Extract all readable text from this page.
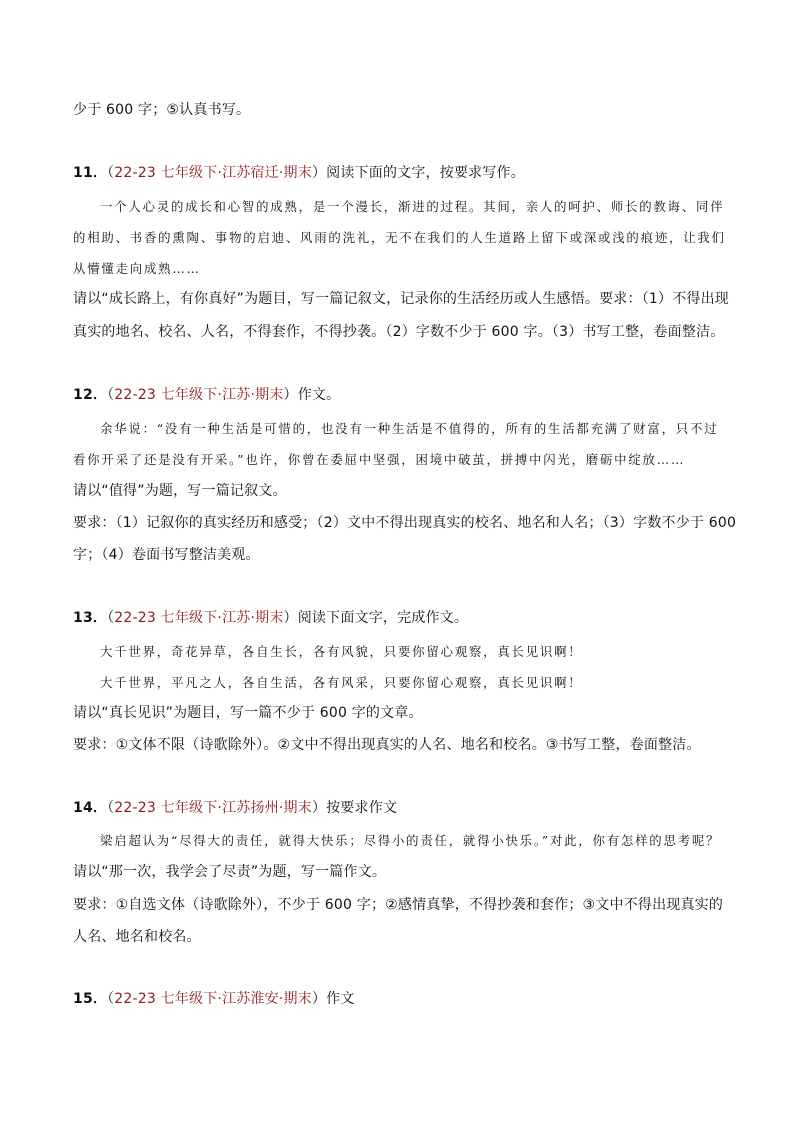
少于 600 字；⑤认真书写。
11．（22-23 七年级下·江苏宿迁·期末）阅读下面的文字，按要求写作。
一个人心灵的成长和心智的成熟，是一个漫长，渐进的过程。其间，亲人的呵护、师长的教诲、同伴
的相助、书香的熏陶、事物的启迪、风雨的洗礼，无不在我们的人生道路上留下或深或浅的痕迹，让我们
从懵懂走向成熟……
请以“成长路上，有你真好”为题目，写一篇记叙文，记录你的生活经历或人生感悟。要求：（1）不得出现
真实的地名、校名、人名，不得套作，不得抄袭。（2）字数不少于 600 字。（3）书写工整，卷面整洁。
12．（22-23 七年级下·江苏·期末）作文。
余华说：“没有一种生活是可惜的，也没有一种生活是不值得的，所有的生活都充满了财富，只不过
看你开采了还是没有开采。”也许，你曾在委屈中坚强，困境中破茧，拼搏中闪光，磨砺中绽放……
请以“值得”为题，写一篇记叙文。
要求：（1）记叙你的真实经历和感受；（2）文中不得出现真实的校名、地名和人名；（3）字数不少于 600
字；（4）卷面书写整洁美观。
13．（22-23 七年级下·江苏·期末）阅读下面文字，完成作文。
大千世界，奇花异草，各自生长，各有风貌，只要你留心观察，真长见识啊！
大千世界，平凡之人，各自生活，各有风采，只要你留心观察，真长见识啊！
请以“真长见识”为题目，写一篇不少于 600 字的文章。
要求：①文体不限（诗歌除外）。②文中不得出现真实的人名、地名和校名。③书写工整，卷面整洁。
14．（22-23 七年级下·江苏扬州·期末）按要求作文
梁启超认为“尽得大的责任，就得大快乐；尽得小的责任，就得小快乐。”对此，你有怎样的思考呢？
请以“那一次，我学会了尽责”为题，写一篇作文。
要求：①自选文体（诗歌除外），不少于 600 字；②感情真挚，不得抄袭和套作；③文中不得出现真实的
人名、地名和校名。
15．（22-23 七年级下·江苏淮安·期末）作文
